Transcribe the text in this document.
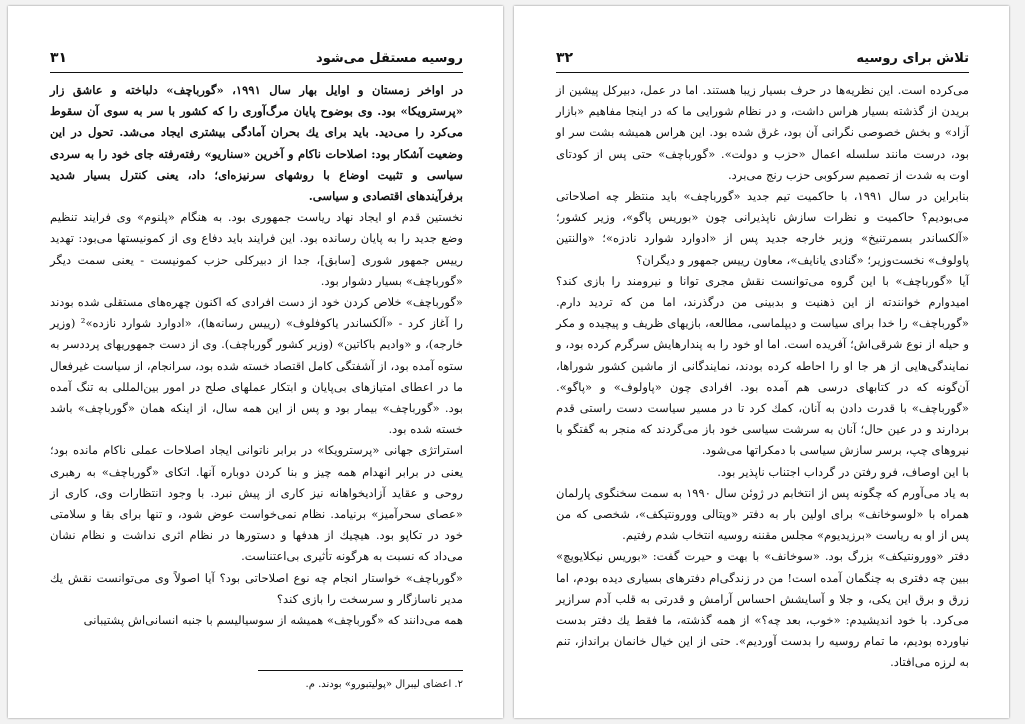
روسیه مستقل می‌شود
۳۱

در اواخر زمستان و اوایل بهار سال ۱۹۹۱، «گورباچف» دلباخته و عاشق زار «پرسترویکا» بود. وی بوضوح پایان مرگ‌آوری را که کشور با سر به سوی آن سقوط می‌کرد را می‌دید. باید برای یك بحران آمادگی بیشتری ایجاد می‌شد. تحول در این وضعیت آشکار بود: اصلاحات ناکام و آخرین «سناریو» رفته‌رفته جای خود را به سردی سیاسی و تثبیت اوضاع با روشهای سرنیزه‌ای؛ داد، یعنی کنترل بسیار شدید برفرآیندهای اقتصادی و سیاسی.

نخستین قدم او ایجاد نهاد ریاست جمهوری بود. به هنگام «پلنوم» وی فرایند تنظیم وضع جدید را به پایان رسانده بود. این فرایند باید دفاع وی از کمونیستها می‌بود: تهدید رییس جمهور شوری [سابق]، جدا از دبیرکلی حزب کمونیست - یعنی سمت دیگر «گورباچف» بسیار دشوار بود.

«گورباچف» خلاص کردن خود از دست افرادی که اکنون چهره‌های مستقلی شده بودند را آغاز کرد - «آلکساندر یاکوفلوف» (رییس رسانه‌ها)، «ادوارد شوارد نازده»² (وزیر خارجه)، و «وادیم باکاتین» (وزیر کشور گورباچف). وی از دست جمهوریهای پرددسر به ستوه آمده بود، از آشفتگی کامل اقتصاد خسته شده بود، سرانجام، از سیاست غیرفعال ما در اعطای امتیازهای بی‌پایان و ابتکار عملهای صلح در امور بین‌المللی به تنگ آمده بود. «گورباچف» بیمار بود و پس از این همه سال، از اینکه همان «گورباچف» باشد خسته شده بود.

استراتژی جهانی «پرسترویکا» در برابر ناتوانی ایجاد اصلاحات عملی ناکام مانده بود؛ یعنی در برابر انهدام همه چیز و بنا کردن دوباره آنها. اتکای «گورباچف» به رهبری روحی و عقاید آزادیخواهانه نیز کاری از پیش نبرد. با وجود انتظارات وی، کاری از «عصای سحرآمیز» برنیامد. نظام نمی‌خواست عوض شود، و تنها برای بقا و سلامتی خود در تکاپو بود. هیچیك از هدفها و دستورها در نظام اثری نداشت و نظام نشان می‌داد که نسبت به هرگونه تأثیری بی‌اعتناست.

«گورباچف» خواستار انجام چه نوع اصلاحاتی بود؟ آیا اصولاً وی می‌توانست نقش یك مدیر ناسازگار و سرسخت را بازی کند؟

همه می‌دانند که «گورباچف» همیشه از سوسیالیسم با جنبه انسانی‌اش پشتیبانی

۲. اعضای لیبرال «پولیتبورو» بودند. م.
تلاش برای روسیه
۳۲

می‌کرده است. این نظریه‌ها در حرف بسیار زیبا هستند. اما در عمل، دبیرکل پیشین از بریدن از گذشته بسیار هراس داشت، و در نظام شورایی ما که در اینجا مفاهیم «بازار آزاد» و بخش خصوصی نگرانی آن بود، غرق شده بود. این هراس همیشه بشت سر او بود، درست مانند سلسله اعمال «حزب و دولت». «گورباچف» حتی پس از کودتای اوت به شدت از تصمیم سرکوبی حزب رنج می‌برد.

بنابراین در سال ۱۹۹۱، با حاکمیت تیم جدید «گورباچف» باید منتظر چه اصلاحاتی می‌بودیم؟ حاکمیت و نظرات سازش ناپذیرانی چون «بوریس پاگو»، وزیر کشور؛ «آلکساندر بسمرتنیخ» وزیر خارجه جدید پس از «ادوارد شوارد نادزه»؛ «والنتین پاولوف» نخست‌وزیر؛ «گنادی یانایف»، معاون رییس جمهور و دیگران؟

آیا «گورباچف» با این گروه می‌توانست نقش مجری توانا و نیرومند را بازی کند؟ امیدوارم خوانندته از این ذهنیت و بدبینی من درگذرند، اما من که تردید دارم. «گورباچف» را خدا برای سیاست و دیپلماسی، مطالعه، بازیهای ظریف و پیچیده و مکر و حیله از نوع شرقی‌اش؛ آفریده است. اما او خود را به پندارهایش سرگرم کرده بود، و نمایندگی‌هایی از هر جا او را احاطه کرده بودند، نمایندگانی از ماشین کشور شوراها، آن‌گونه که در کتابهای درسی هم آمده بود. افرادی چون «پاولوف» و «پاگو». «گورباچف» با قدرت دادن به آنان، کمك کرد تا در مسیر سیاست دست راستی قدم بردارند و در عین حال؛ آنان به سرشت سیاسی خود باز می‌گردند که منجر به گفتگو با نیروهای چپ، برسر سازش سیاسی با دمکراتها می‌شود.

با این اوصاف، فرو رفتن در گرداب اجتناب ناپذیر بود.

به یاد می‌آورم که چگونه پس از انتخابم در ژوئن سال ۱۹۹۰ به سمت سخنگوی پارلمان همراه با «لوسوخانف» برای اولین بار به دفتر «ویتالی وورونتیکف»، شخصی که من پس از او به ریاست «برزیدیوم» مجلس مقننه روسیه انتخاب شدم رفتیم.

دفتر «وورونتیکف» بزرگ بود. «سوخانف» با بهت و حیرت گفت: «بوریس نیکلایویچ» ببین چه دفتری به چنگمان آمده است! من در زندگی‌ام دفترهای بسیاری دیده بودم، اما زرق و برق این یکی، و جلا و آسایشش احساس آرامش و قدرتی به قلب آدم سرازیر می‌کرد. با خود اندیشیدم: «خوب، بعد چه؟» از همه گذشته، ما فقط یك دفتر بدست نیاورده بودیم، ما تمام روسیه را بدست آوردیم». حتی از این خیال خانمان برانداز، تنم به لرزه می‌افتاد.
